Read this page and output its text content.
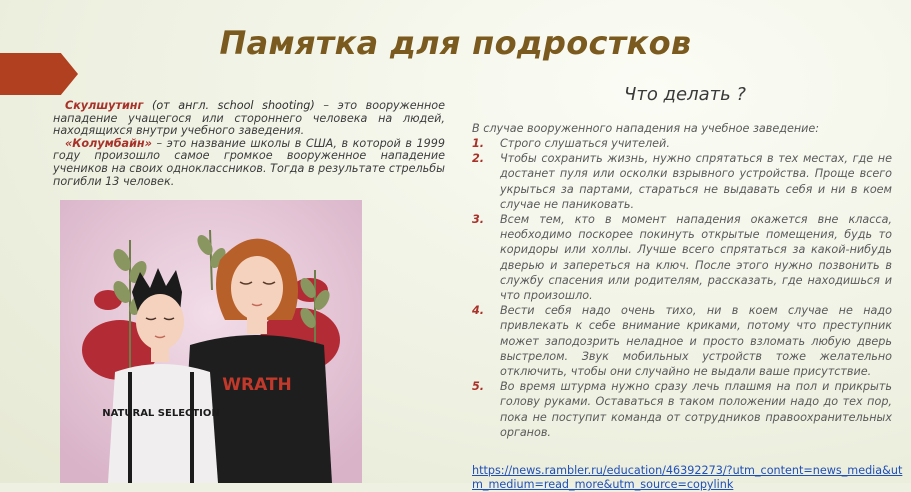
Памятка для подростков

Скулшутинг (от англ. school shooting) – это вооруженное нападение учащегося или стороннего человека на людей, находящихся внутри учебного заведения.

«Колумбайн» – это название школы в США, в которой в 1999 году произошло самое громкое вооруженное нападение учеников на своих одноклассников. Тогда в результате стрельбы погибли 13 человек.

WRATH
NATURAL SELECTION
Что делать ?
В случае вооруженного нападения на учебное заведение:
1. Строго слушаться учителей.
2. Чтобы сохранить жизнь, нужно спрятаться в тех местах, где не достанет пуля или осколки взрывного устройства. Проще всего укрыться за партами, стараться не выдавать себя и ни в коем случае не паниковать.
3. Всем тем, кто в момент нападения окажется вне класса, необходимо поскорее покинуть открытые помещения, будь то коридоры или холлы. Лучше всего спрятаться за какой-нибудь дверью и запереться на ключ. После этого нужно позвонить в службу спасения или родителям, рассказать, где находишься и что произошло.
4. Вести себя надо очень тихо, ни в коем случае не надо привлекать к себе внимание криками, потому что преступник может заподозрить неладное и просто взломать любую дверь выстрелом. Звук мобильных устройств тоже желательно отключить, чтобы они случайно не выдали ваше присутствие.
5. Во время штурма нужно сразу лечь плашмя на пол и прикрыть голову руками. Оставаться в таком положении надо до тех пор, пока не поступит команда от сотрудников правоохранительных органов.
https://news.rambler.ru/education/46392273/?utm_content=news_media&utm_medium=read_more&utm_source=copylink
